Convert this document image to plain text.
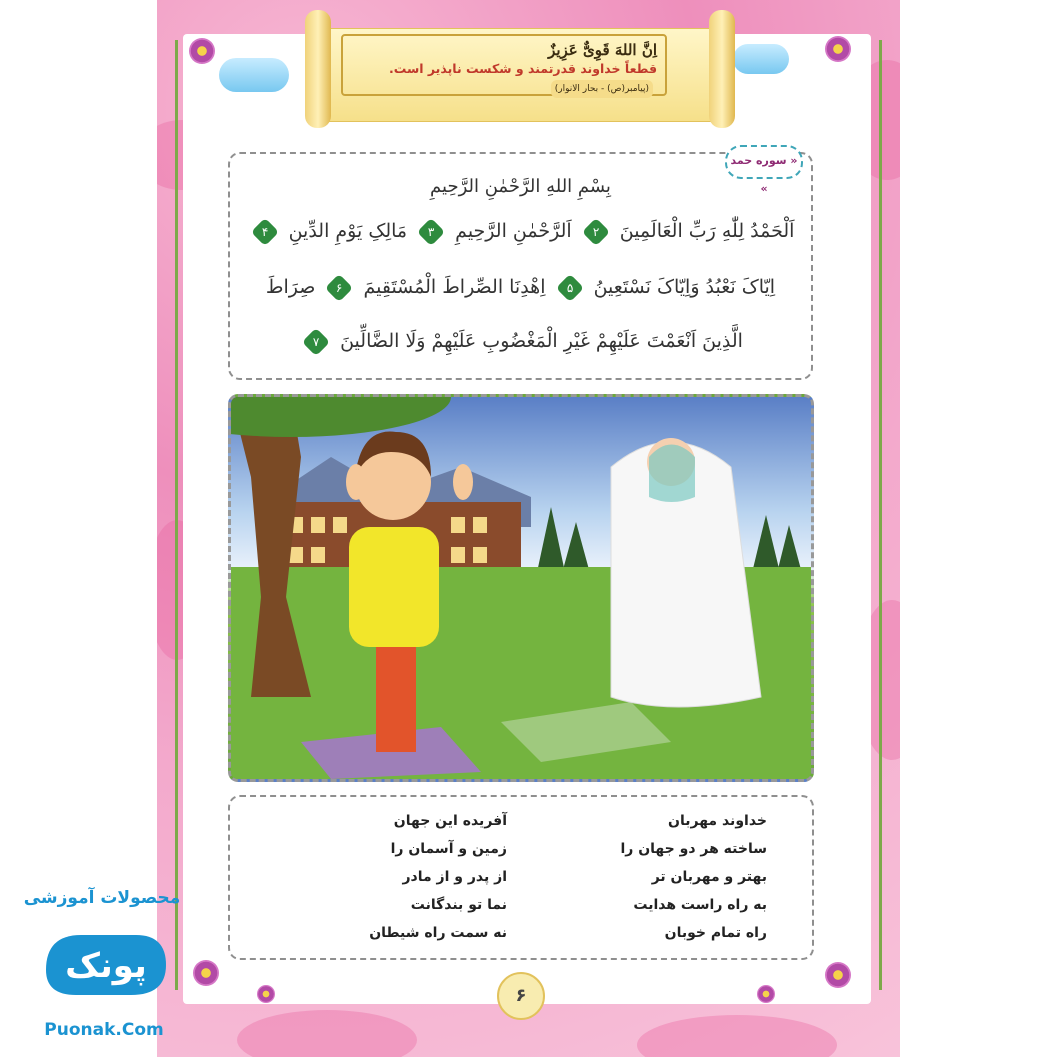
اِنَّ اللهَ قَوِیٌّ عَزِیزٌ
قطعاً خداوند قدرتمند و شکست ناپذیر است. (پیامبر(ص) - بحار الانوار)
بِسْمِ اللهِ الرَّحْمٰنِ الرَّحِیمِ
اَلْحَمْدُ لِلّٰهِ رَبِّ الْعَالَمِینَ ۲ اَلرَّحْمٰنِ الرَّحِیمِ ۳ مَالِکِ یَوْمِ الدِّینِ ۴
اِیّاکَ نَعْبُدُ وَاِیّاکَ نَسْتَعِینُ ۵ اِهْدِنَا الصِّراطَ الْمُسْتَقِیمَ ۶ صِرَاطَ
الَّذِینَ اَنْعَمْتَ عَلَیْهِمْ غَیْرِ الْمَغْضُوبِ عَلَیْهِمْ وَلَا الضَّالِّینَ ۷
« سوره حمد »
خداوند مهربان
ساخته هر دو جهان را
بهتر و مهربان تر
به راه راست هدایت
راه تمام خوبان
آفریده این جهان
زمین و آسمان را
از پدر و از مادر
نما تو بندگانت
نه سمت راه شیطان
۶
محصولات آموزشی
پونک
Puonak.Com
